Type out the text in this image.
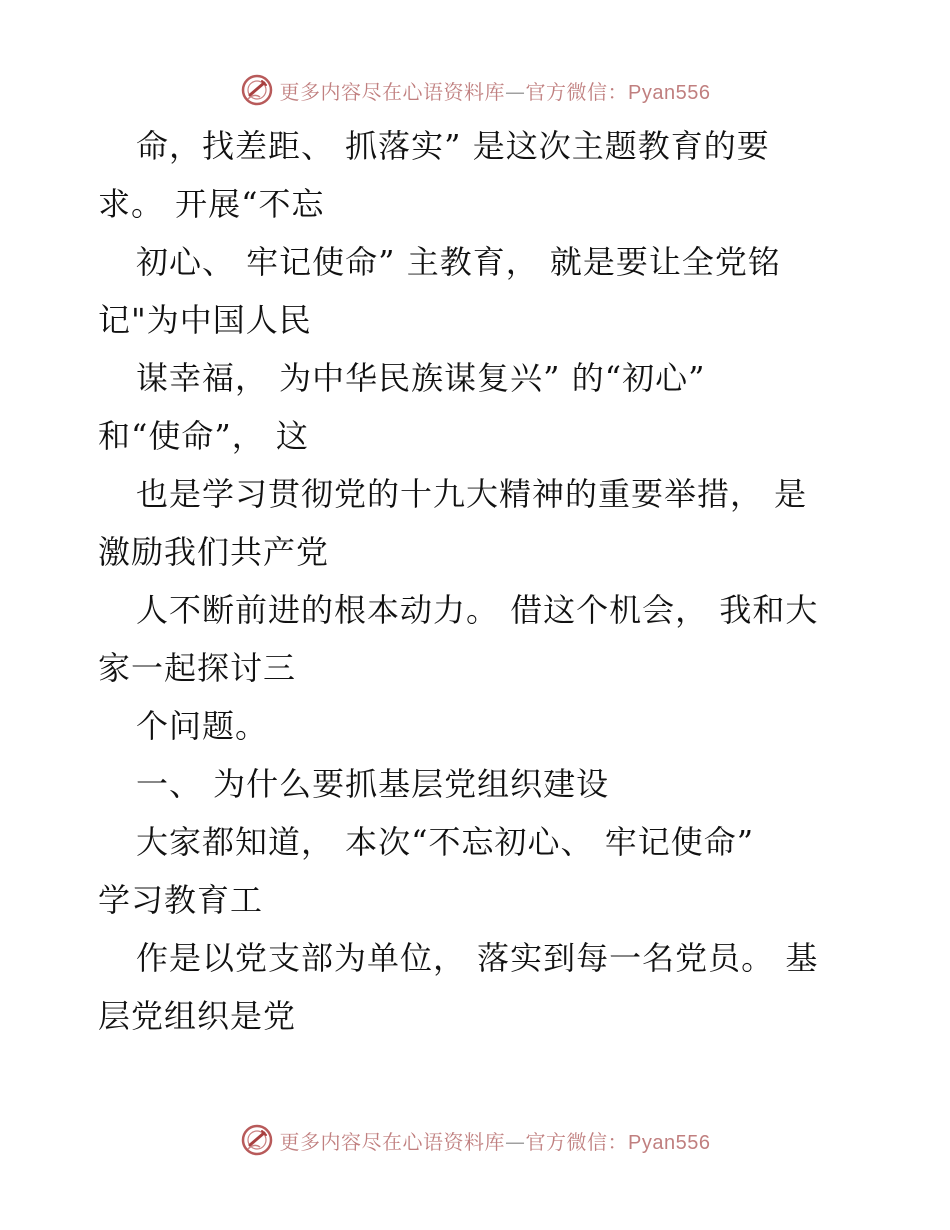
更多内容尽在心语资料库—官方微信：Pyan556
命，找差距、 抓落实” 是这次主题教育的要
求。 开展“不忘
初心、 牢记使命” 主教育， 就是要让全党铭
记"为中国人民
谋幸福， 为中华民族谋复兴” 的“初心”
和“使命”， 这
也是学习贯彻党的十九大精神的重要举措， 是
激励我们共产党
人不断前进的根本动力。 借这个机会， 我和大
家一起探讨三
个问题。
一、 为什么要抓基层党组织建设
大家都知道， 本次“不忘初心、 牢记使命”
学习教育工
作是以党支部为单位， 落实到每一名党员。 基
层党组织是党
更多内容尽在心语资料库—官方微信：Pyan556
